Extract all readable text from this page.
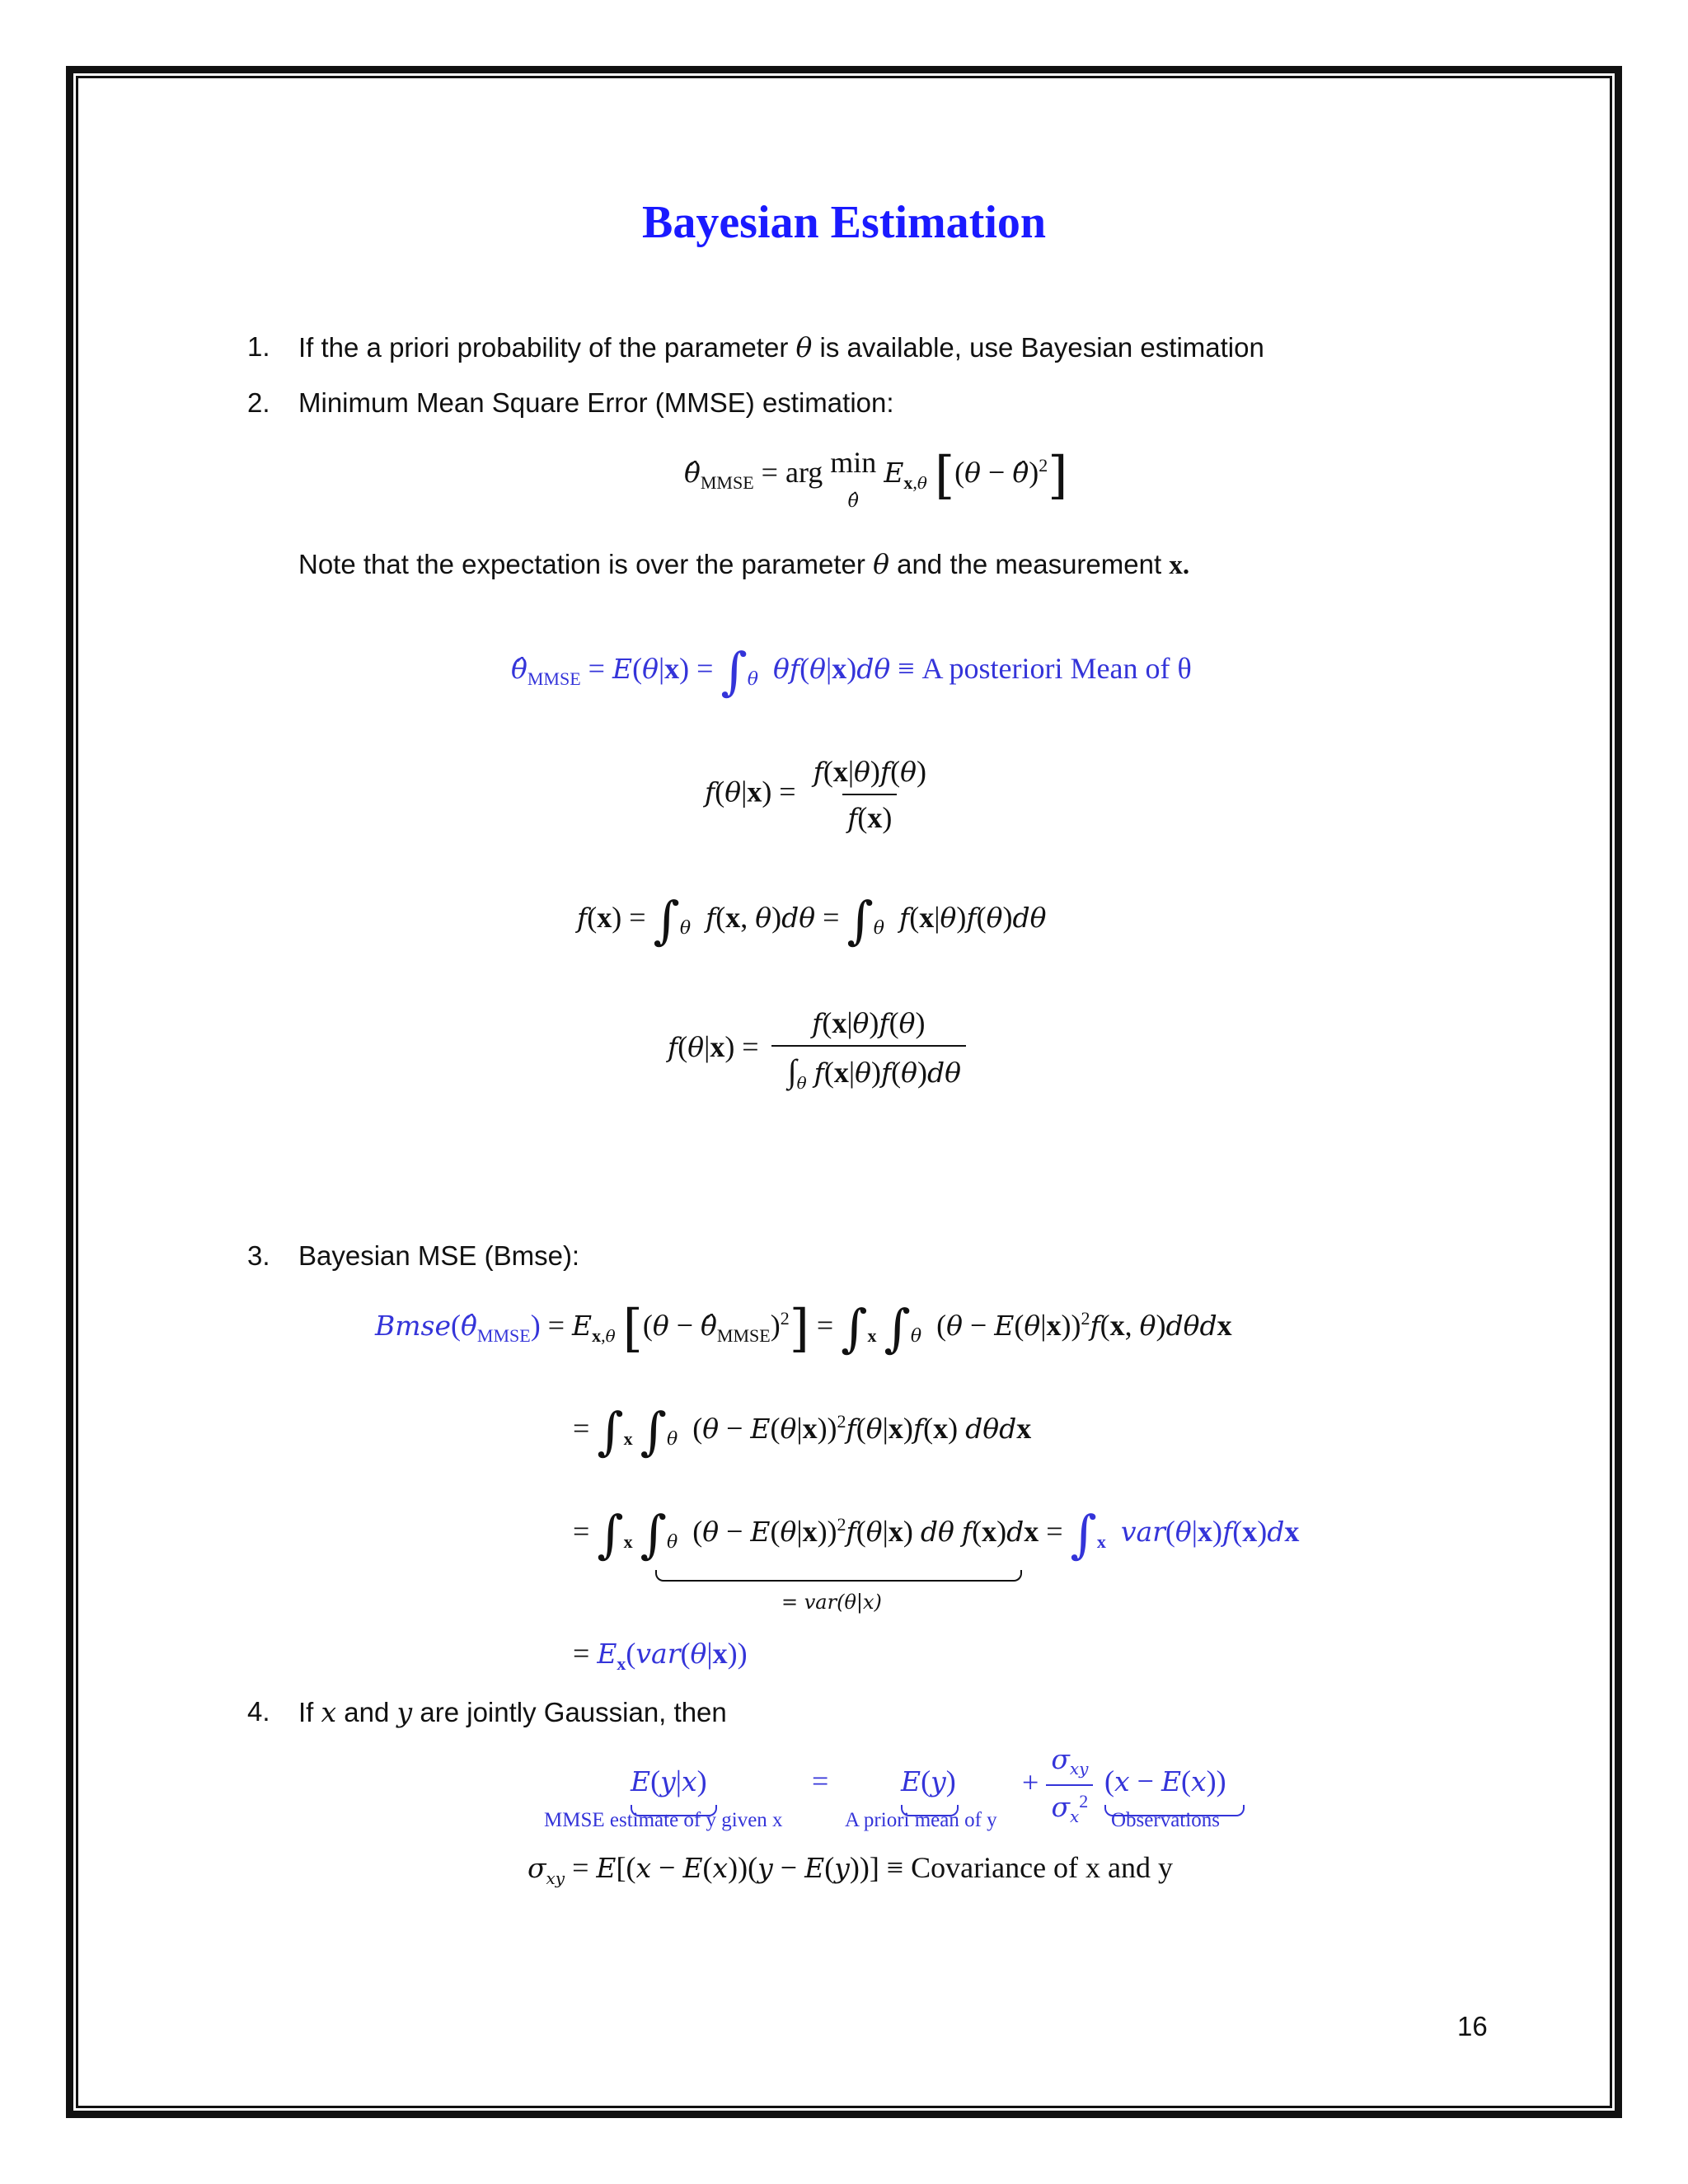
Bayesian Estimation
1. If the a priori probability of the parameter θ is available, use Bayesian estimation
2. Minimum Mean Square Error (MMSE) estimation:
$\thetâ_{MMSE}$ = arg min
θ̂ $E_{x,\theta}$ [(θ − θ̂)$^2$]
Note that the expectation is over the parameter θ and the measurement x.
$\thetâ_{MMSE} = E(\theta|x) = \int_\theta$ θf(θ|x)dθ ≡ A posteriori Mean of θ
$f(\theta|x) = \frac{f(x|\theta)f(\theta)}{f(x)}$
$f(x) = \int_\theta$ f(x, $\theta)d\theta = \int_\theta$ f(x|θ)f(θ)dθ
$f(\theta|x) = \frac{f(x|\theta)f(\theta)}{\int_\theta f(x|\theta)f(\theta)d\theta}$
3. Bayesian MSE (Bmse):
$Bmse(\thetâ_{MMSE}) = E_{x,\theta}$ $[(\theta - \thetâ_{MMSE})^2] = \int_x$ $\int_\theta$  $(\theta - E(\theta|x))^2f(x$, θ)dθdx
= $\int_x$ $\int_\theta$  $(\theta - E(\theta|x))^2f(\theta|x)f(x)$ dθdx
= $\int_x$ $\int_\theta$  $(\theta - E(\theta|x))^2f(\theta|x)$ dθ $f(x)dx = \int_x$ var(θ|x)f(x)dx
= var(θ|x)
= $E_x(var(\theta|x))$
4. If x and y are jointly Gaussian, then
E(y|x)
MMSE estimate of y given x
=	E(y)
A priori mean of y
+ $\frac{\sigma_{xy}}{\sigma_x^2} (x - E(x))$
Observations
$\sigma_{xy} = E[(x - E(x))(y - E(y))]$ ≡ Covariance of x and y
16
